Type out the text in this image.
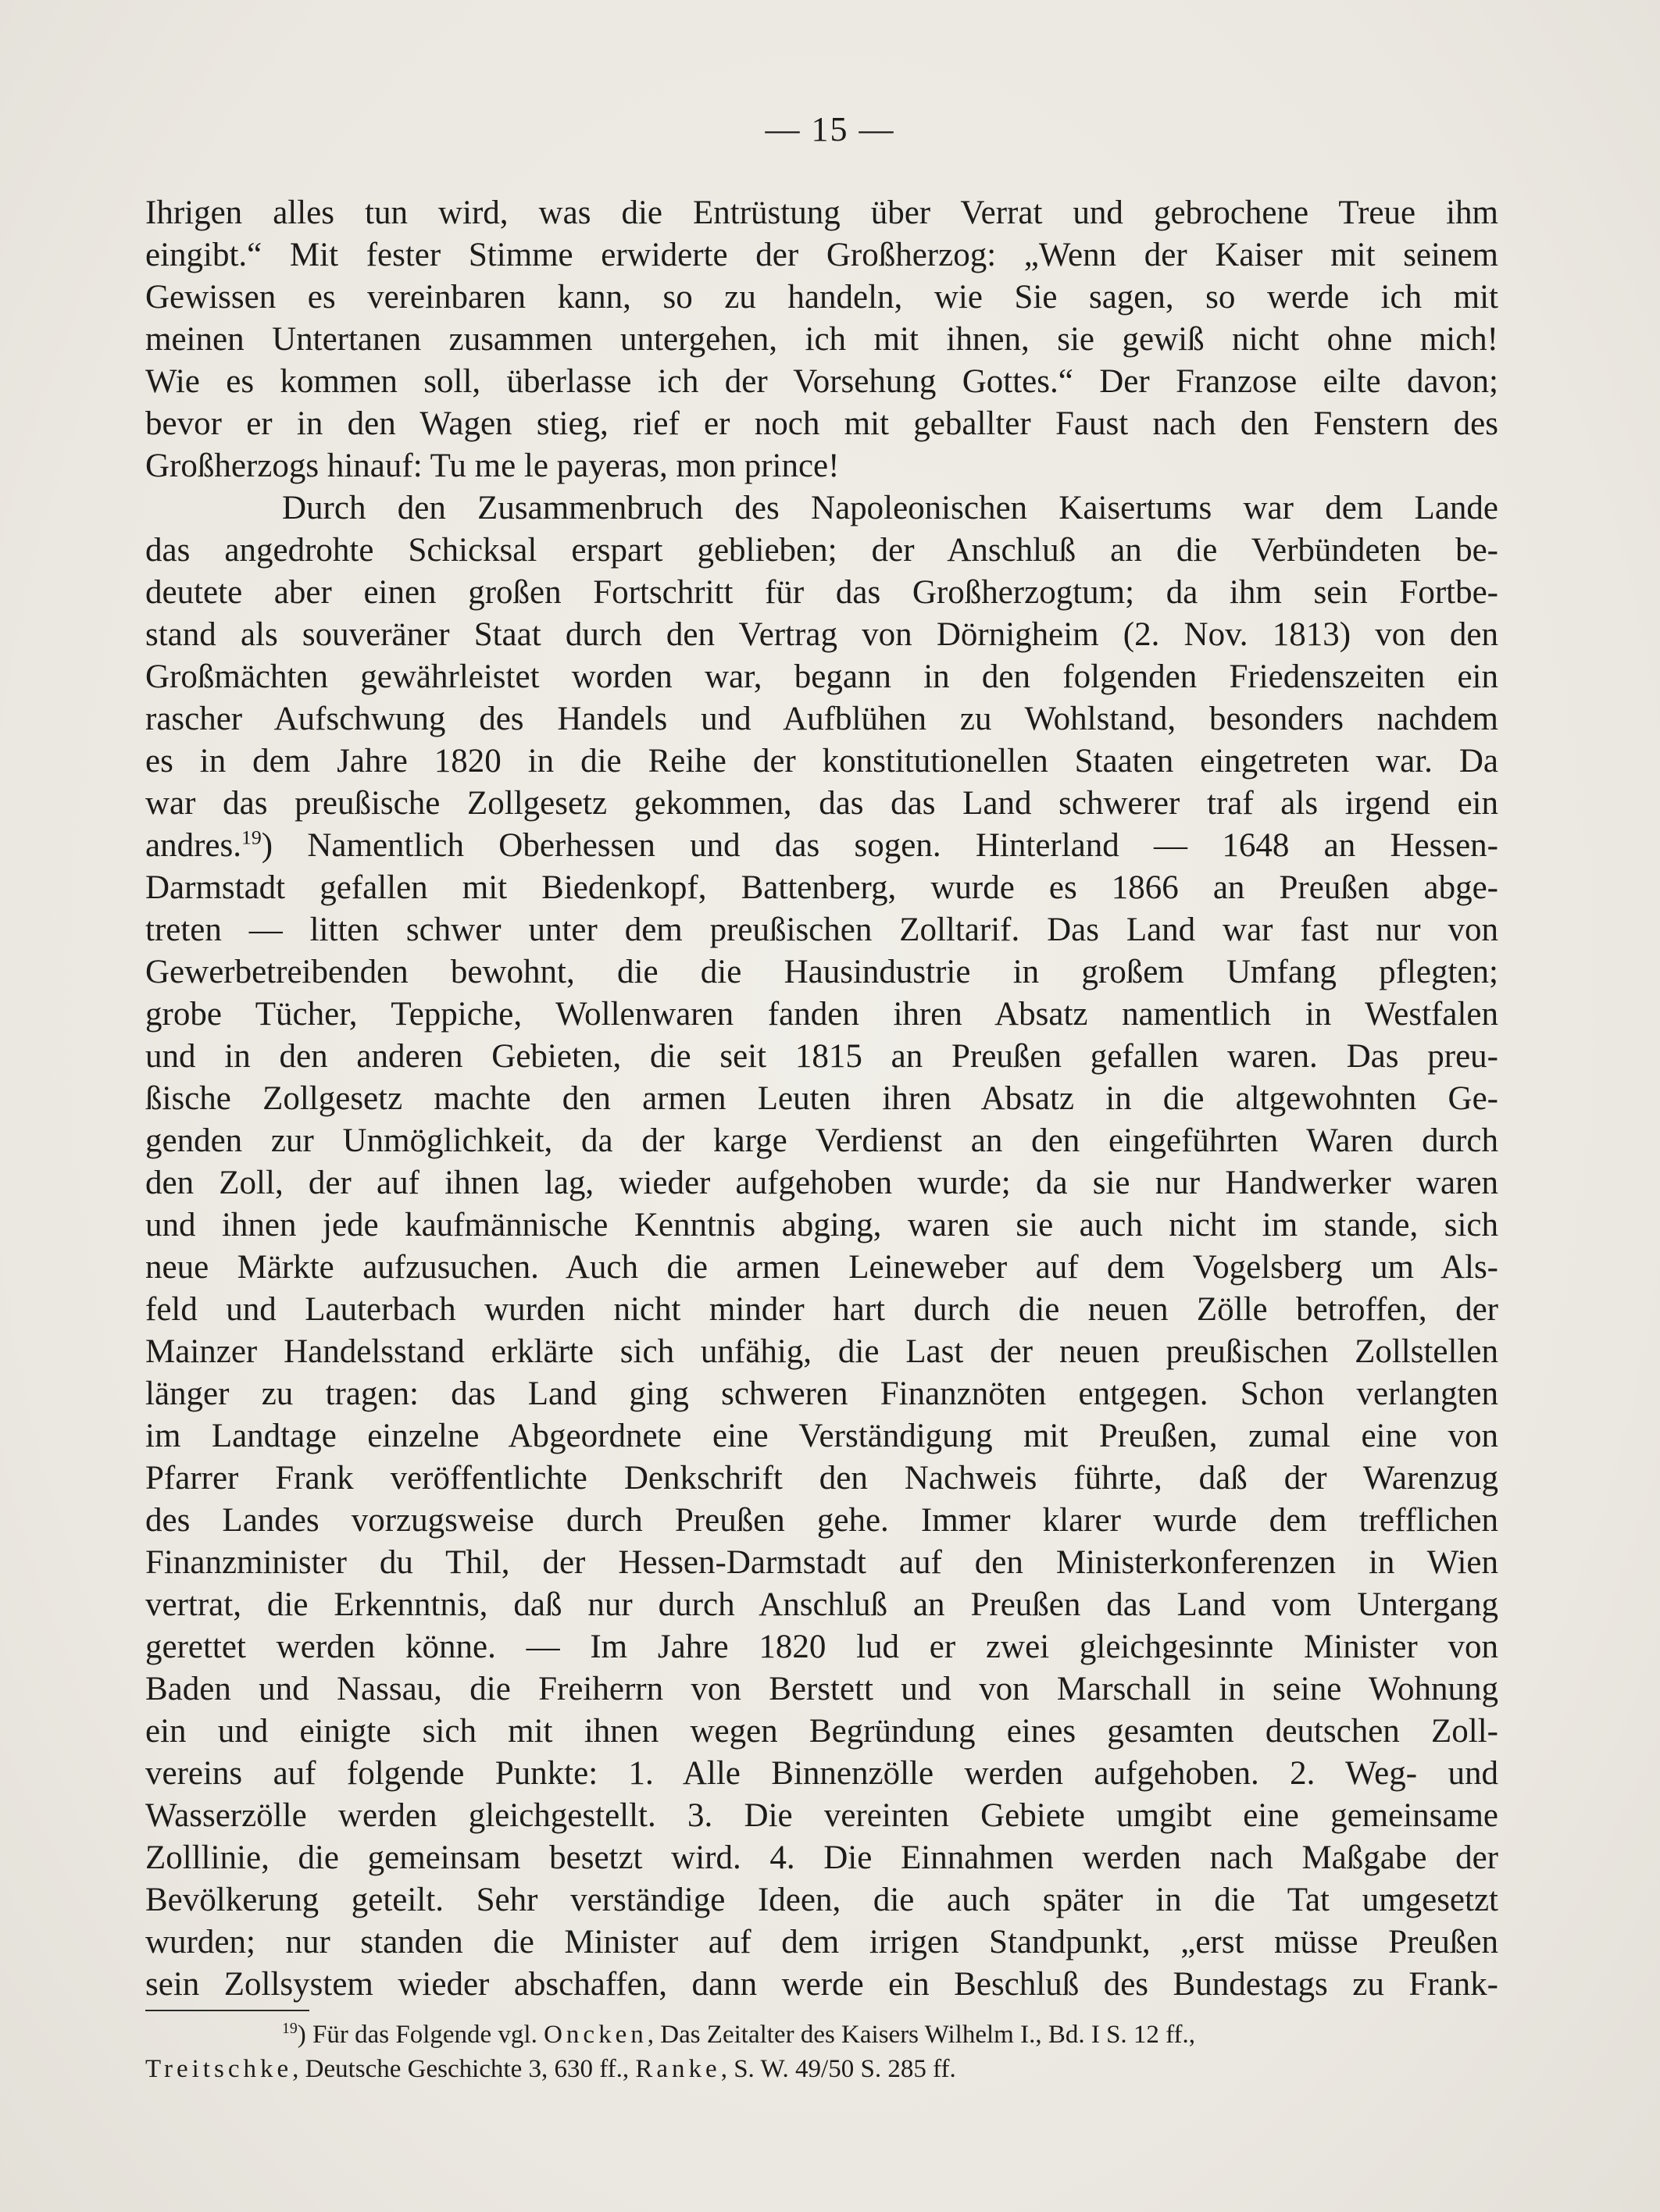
— 15 —
Ihrigen alles tun wird, was die Entrüstung über Verrat und gebrochene Treue ihm
eingibt.“ Mit fester Stimme erwiderte der Großherzog: „Wenn der Kaiser mit seinem
Gewissen es vereinbaren kann, so zu handeln, wie Sie sagen, so werde ich mit
meinen Untertanen zusammen untergehen, ich mit ihnen, sie gewiß nicht ohne mich!
Wie es kommen soll, überlasse ich der Vorsehung Gottes.“ Der Franzose eilte davon;
bevor er in den Wagen stieg, rief er noch mit geballter Faust nach den Fenstern des
Großherzogs hinauf: Tu me le payeras, mon prince!
Durch den Zusammenbruch des Napoleonischen Kaisertums war dem Lande
das angedrohte Schicksal erspart geblieben; der Anschluß an die Verbündeten be-
deutete aber einen großen Fortschritt für das Großherzogtum; da ihm sein Fortbe-
stand als souveräner Staat durch den Vertrag von Dörnigheim (2. Nov. 1813) von den
Großmächten gewährleistet worden war, begann in den folgenden Friedenszeiten ein
rascher Aufschwung des Handels und Aufblühen zu Wohlstand, besonders nachdem
es in dem Jahre 1820 in die Reihe der konstitutionellen Staaten eingetreten war. Da
war das preußische Zollgesetz gekommen, das das Land schwerer traf als irgend ein
andres.$^{19}$) Namentlich Oberhessen und das sogen. Hinterland — 1648 an Hessen-
Darmstadt gefallen mit Biedenkopf, Battenberg, wurde es 1866 an Preußen abge-
treten — litten schwer unter dem preußischen Zolltarif. Das Land war fast nur von
Gewerbetreibenden bewohnt, die die Hausindustrie in großem Umfang pflegten;
grobe Tücher, Teppiche, Wollenwaren fanden ihren Absatz namentlich in Westfalen
und in den anderen Gebieten, die seit 1815 an Preußen gefallen waren. Das preu-
ßische Zollgesetz machte den armen Leuten ihren Absatz in die altgewohnten Ge-
genden zur Unmöglichkeit, da der karge Verdienst an den eingeführten Waren durch
den Zoll, der auf ihnen lag, wieder aufgehoben wurde; da sie nur Handwerker waren
und ihnen jede kaufmännische Kenntnis abging, waren sie auch nicht im stande, sich
neue Märkte aufzusuchen. Auch die armen Leineweber auf dem Vogelsberg um Als-
feld und Lauterbach wurden nicht minder hart durch die neuen Zölle betroffen, der
Mainzer Handelsstand erklärte sich unfähig, die Last der neuen preußischen Zollstellen
länger zu tragen: das Land ging schweren Finanznöten entgegen. Schon verlangten
im Landtage einzelne Abgeordnete eine Verständigung mit Preußen, zumal eine von
Pfarrer Frank veröffentlichte Denkschrift den Nachweis führte, daß der Warenzug
des Landes vorzugsweise durch Preußen gehe. Immer klarer wurde dem trefflichen
Finanzminister du Thil, der Hessen-Darmstadt auf den Ministerkonferenzen in Wien
vertrat, die Erkenntnis, daß nur durch Anschluß an Preußen das Land vom Untergang
gerettet werden könne. — Im Jahre 1820 lud er zwei gleichgesinnte Minister von
Baden und Nassau, die Freiherrn von Berstett und von Marschall in seine Wohnung
ein und einigte sich mit ihnen wegen Begründung eines gesamten deutschen Zoll-
vereins auf folgende Punkte: 1. Alle Binnenzölle werden aufgehoben. 2. Weg- und
Wasserzölle werden gleichgestellt. 3. Die vereinten Gebiete umgibt eine gemeinsame
Zolllinie, die gemeinsam besetzt wird. 4. Die Einnahmen werden nach Maßgabe der
Bevölkerung geteilt. Sehr verständige Ideen, die auch später in die Tat umgesetzt
wurden; nur standen die Minister auf dem irrigen Standpunkt, „erst müsse Preußen
sein Zollsystem wieder abschaffen, dann werde ein Beschluß des Bundestags zu Frank-
$^{19}$) Für das Folgende vgl. Oncken, Das Zeitalter des Kaisers Wilhelm I., Bd. I S. 12 ff.,
Treitschke, Deutsche Geschichte 3, 630 ff., Ranke, S. W. 49/50 S. 285 ff.
